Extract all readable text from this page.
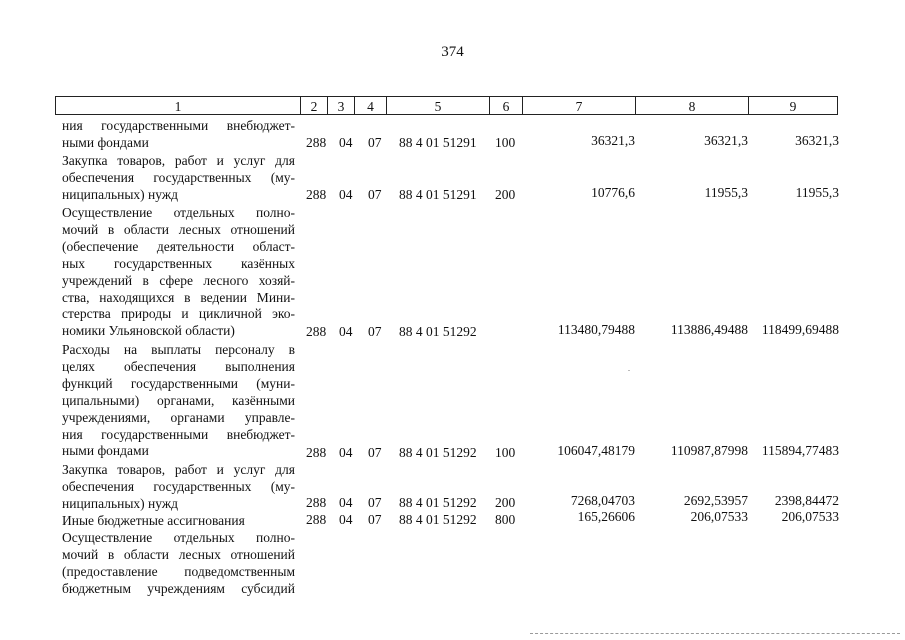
374
1	2	3	4	5	6	7	8	9
ния государственными внебюджет-
ными фондами	288 04 07 88 4 01 51291 100	36321,3	36321,3	36321,3
Закупка товаров, работ и услуг для
обеспечения государственных (му-
ниципальных) нужд	288 04 07 88 4 01 51291 200	10776,6	11955,3	11955,3
Осуществление отдельных полно-
мочий в области лесных отношений
(обеспечение деятельности област-
ных государственных казённых
учреждений в сфере лесного хозяй-
ства, находящихся в ведении Мини-
стерства природы и цикличной эко-
номики Ульяновской области)	288 04 07 88 4 01 51292	113480,79488	113886,49488 118499,69488
Расходы на выплаты персоналу в
целях обеспечения выполнения
функций государственными (муни-
ципальными) органами, казёнными
учреждениями, органами управле-
ния государственными внебюджет-
ными фондами	288 04 07 88 4 01 51292 100	106047,48179	110987,87998 115894,77483
Закупка товаров, работ и услуг для
обеспечения государственных (му-
ниципальных) нужд	288 04 07 88 4 01 51292 200	7268,04703	2692,53957 2398,84472
Иные бюджетные ассигнования	288 04 07 88 4 01 51292 800	165,26606	206,07533 206,07533
Осуществление отдельных полно-
мочий в области лесных отношений
(предоставление подведомственным
бюджетным учреждениям субсидий
